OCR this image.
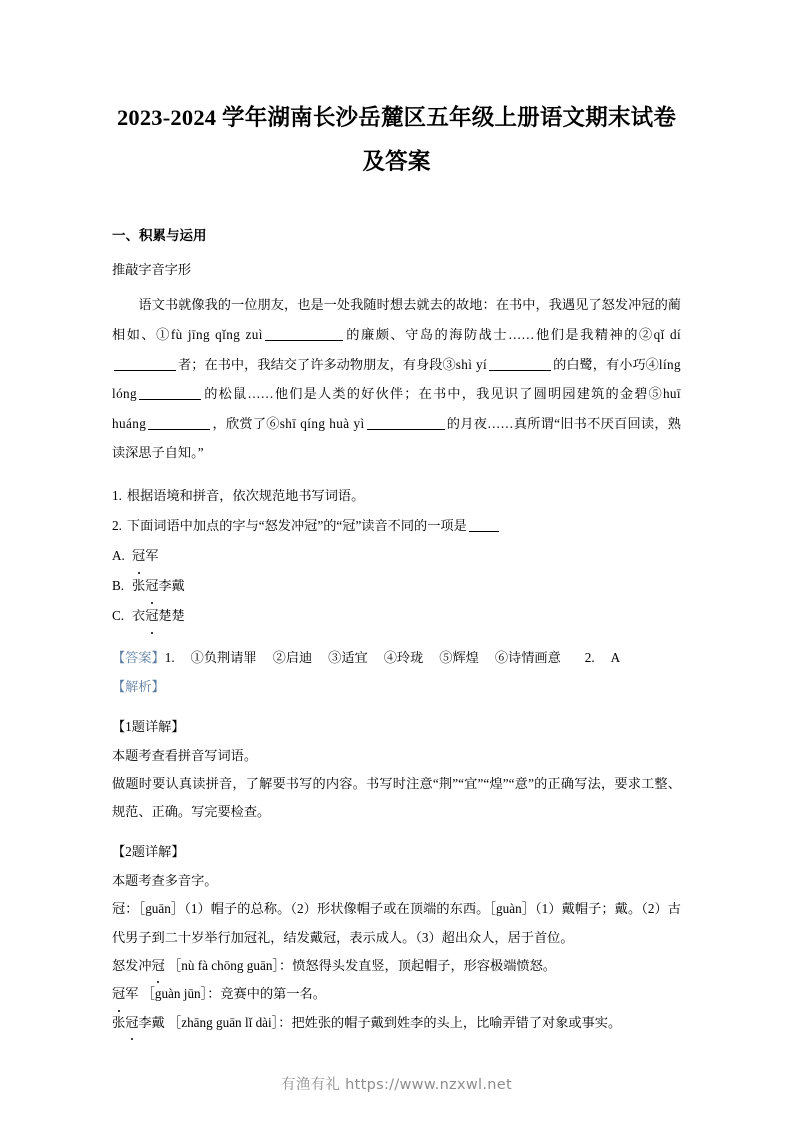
2023-2024 学年湖南长沙岳麓区五年级上册语文期末试卷及答案
一、积累与运用

推敲字音字形

语文书就像我的一位朋友，也是一处我随时想去就去的故地：在书中，我遇见了怒发冲冠的蔺相如、①fù jīng qǐng zuì	的廉颇、守岛的海防战士……他们是我精神的②qǐ dí者；在书中，我结交了许多动物朋友，有身段③shì yí	的白鹭，有小巧④líng lóng	的松鼠……他们是人类的好伙伴；在书中，我见识了圆明园建筑的金碧⑤huī huáng	，欣赏了⑥shī qíng huà yì	的月夜……真所谓“旧书不厌百回读，熟读深思子自知。”

1. 根据语境和拼音，依次规范地书写词语。

2. 下面词语中加点的字与“怒发冲冠”的“冠”读音不同的一项是

A. 冠军

B. 张冠李戴

C. 衣冠楚楚

【答案】1. ①负荆请罪 ②启迪 ③适宜 ④玲珑 ⑤辉煌 ⑥诗情画意 2. A

【解析】

【1题详解】

本题考查看拼音写词语。

做题时要认真读拼音，了解要书写的内容。书写时注意“荆”“宜”“煌”“意”的正确写法，要求工整、规范、正确。写完要检查。

【2题详解】

本题考查多音字。

冠：［guān］（1）帽子的总称。（2）形状像帽子或在顶端的东西。［guàn］（1）戴帽子；戴。（2）古代男子到二十岁举行加冠礼，结发戴冠，表示成人。（3）超出众人，居于首位。

怒发冲冠 ［nù fà chōng guān］：愤怒得头发直竖，顶起帽子，形容极端愤怒。

冠军 ［guàn jūn］：竞赛中的第一名。

张冠李戴 ［zhāng guān lǐ dài］：把姓张的帽子戴到姓李的头上，比喻弄错了对象或事实。

有渔有礼 https://www.nzxwl.net
